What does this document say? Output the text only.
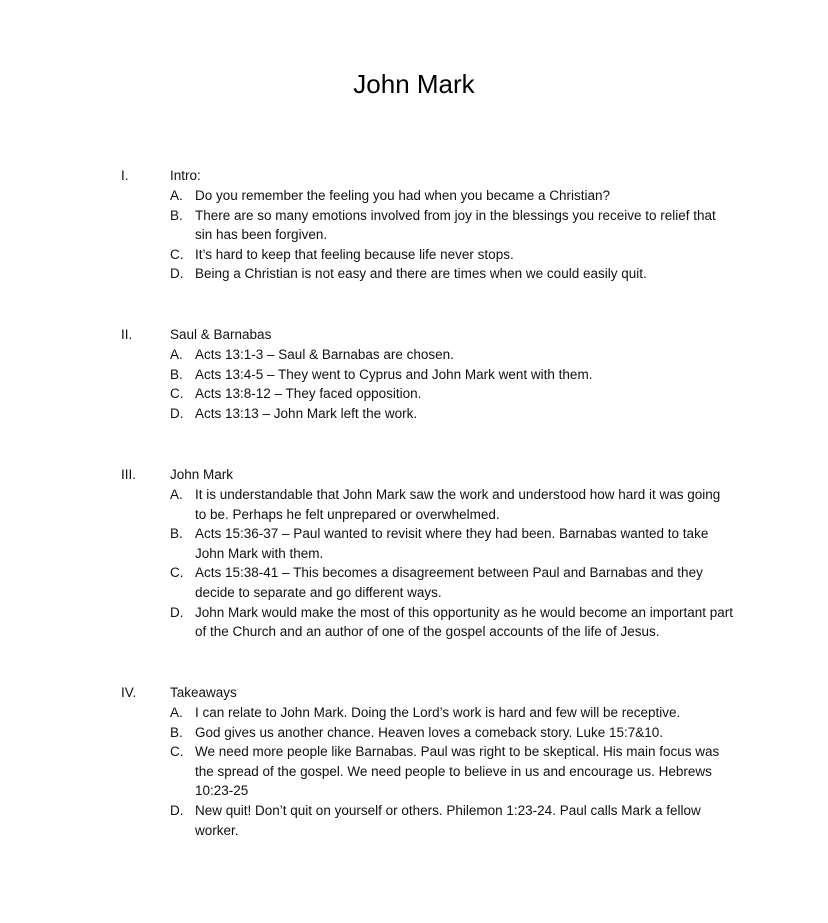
John Mark
I.	Intro:
A. Do you remember the feeling you had when you became a Christian?
B. There are so many emotions involved from joy in the blessings you receive to relief that sin has been forgiven.
C. It’s hard to keep that feeling because life never stops.
D. Being a Christian is not easy and there are times when we could easily quit.
II.	Saul & Barnabas
A. Acts 13:1-3 – Saul & Barnabas are chosen.
B. Acts 13:4-5 – They went to Cyprus and John Mark went with them.
C. Acts 13:8-12 – They faced opposition.
D. Acts 13:13 – John Mark left the work.
III.	John Mark
A. It is understandable that John Mark saw the work and understood how hard it was going to be. Perhaps he felt unprepared or overwhelmed.
B. Acts 15:36-37 – Paul wanted to revisit where they had been. Barnabas wanted to take John Mark with them.
C. Acts 15:38-41 – This becomes a disagreement between Paul and Barnabas and they decide to separate and go different ways.
D. John Mark would make the most of this opportunity as he would become an important part of the Church and an author of one of the gospel accounts of the life of Jesus.
IV. Takeaways
A. I can relate to John Mark. Doing the Lord’s work is hard and few will be receptive.
B. God gives us another chance. Heaven loves a comeback story. Luke 15:7&10.
C. We need more people like Barnabas. Paul was right to be skeptical. His main focus was the spread of the gospel. We need people to believe in us and encourage us. Hebrews 10:23-25
D. New quit! Don’t quit on yourself or others. Philemon 1:23-24. Paul calls Mark a fellow worker.
